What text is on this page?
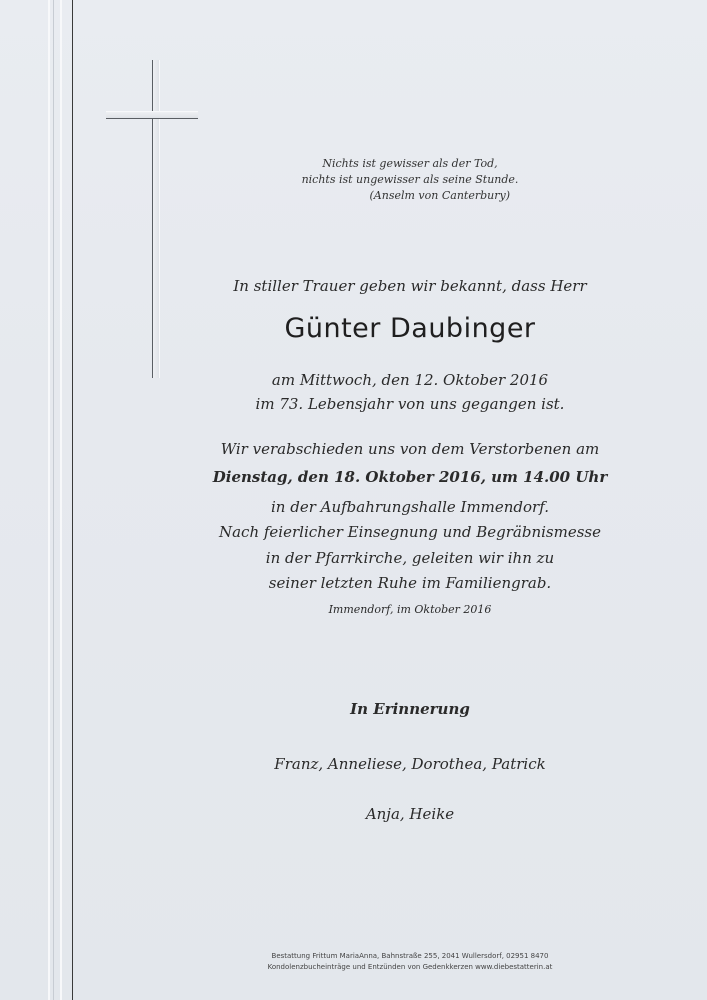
Nichts ist gewisser als der Tod,
nichts ist ungewisser als seine Stunde.
(Anselm von Canterbury)
In stiller Trauer geben wir bekannt, dass Herr
Günter Daubinger
am Mittwoch, den 12. Oktober 2016
im 73. Lebensjahr von uns gegangen ist.
Wir verabschieden uns von dem Verstorbenen am
Dienstag, den 18. Oktober 2016, um 14.00 Uhr
in der Aufbahrungshalle Immendorf.
Nach feierlicher Einsegnung und Begräbnismesse
in der Pfarrkirche, geleiten wir ihn zu
seiner letzten Ruhe im Familiengrab.
Immendorf, im Oktober 2016
In Erinnerung
Franz, Anneliese, Dorothea, Patrick
Anja, Heike
Bestattung Frittum MariaAnna, Bahnstraße 255, 2041 Wullersdorf, 02951 8470
Kondolenzbucheinträge und Entzünden von Gedenkkerzen www.diebestatterin.at
